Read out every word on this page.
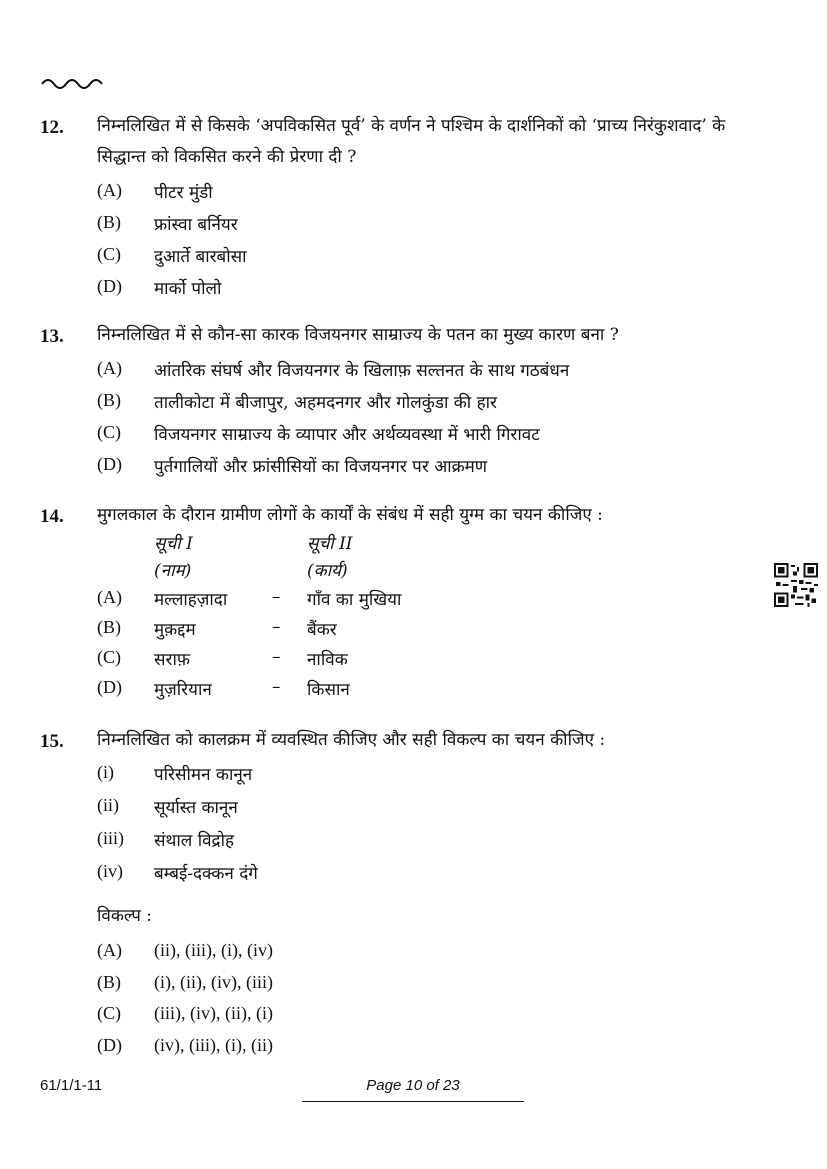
12. निम्नलिखित में से किसके ‘अपविकसित पूर्व’ के वर्णन ने पश्चिम के दार्शनिकों को ‘प्राच्य निरंकुशवाद’ के सिद्धान्त को विकसित करने की प्रेरणा दी ?
(A) पीटर मुंडी
(B) फ्रांस्वा बर्नियर
(C) दुआर्ते बारबोसा
(D) मार्को पोलो
13. निम्नलिखित में से कौन-सा कारक विजयनगर साम्राज्य के पतन का मुख्य कारण बना ?
(A) आंतरिक संघर्ष और विजयनगर के खिलाफ़ सल्तनत के साथ गठबंधन
(B) तालीकोटा में बीजापुर, अहमदनगर और गोलकुंडा की हार
(C) विजयनगर साम्राज्य के व्यापार और अर्थव्यवस्था में भारी गिरावट
(D) पुर्तगालियों और फ्रांसीसियों का विजयनगर पर आक्रमण
14. मुगलकाल के दौरान ग्रामीण लोगों के कार्यों के संबंध में सही युग्म का चयन कीजिए :
सूची I	सूची II
(नाम)	(कार्य)
(A) मल्लाहज़ादा	– गाँव का मुखिया
(B) मुक़द्दम	– बैंकर
(C) सराफ़	– नाविक
(D) मुज़रियान	– किसान
15. निम्नलिखित को कालक्रम में व्यवस्थित कीजिए और सही विकल्प का चयन कीजिए :
(i) परिसीमन कानून
(ii) सूर्यास्त कानून
(iii) संथाल विद्रोह
(iv) बम्बई-दक्कन दंगे
विकल्प :
(A) (ii), (iii), (i), (iv)
(B) (i), (ii), (iv), (iii)
(C) (iii), (iv), (ii), (i)
(D) (iv), (iii), (i), (ii)
61/1/1-11	Page 10 of 23
